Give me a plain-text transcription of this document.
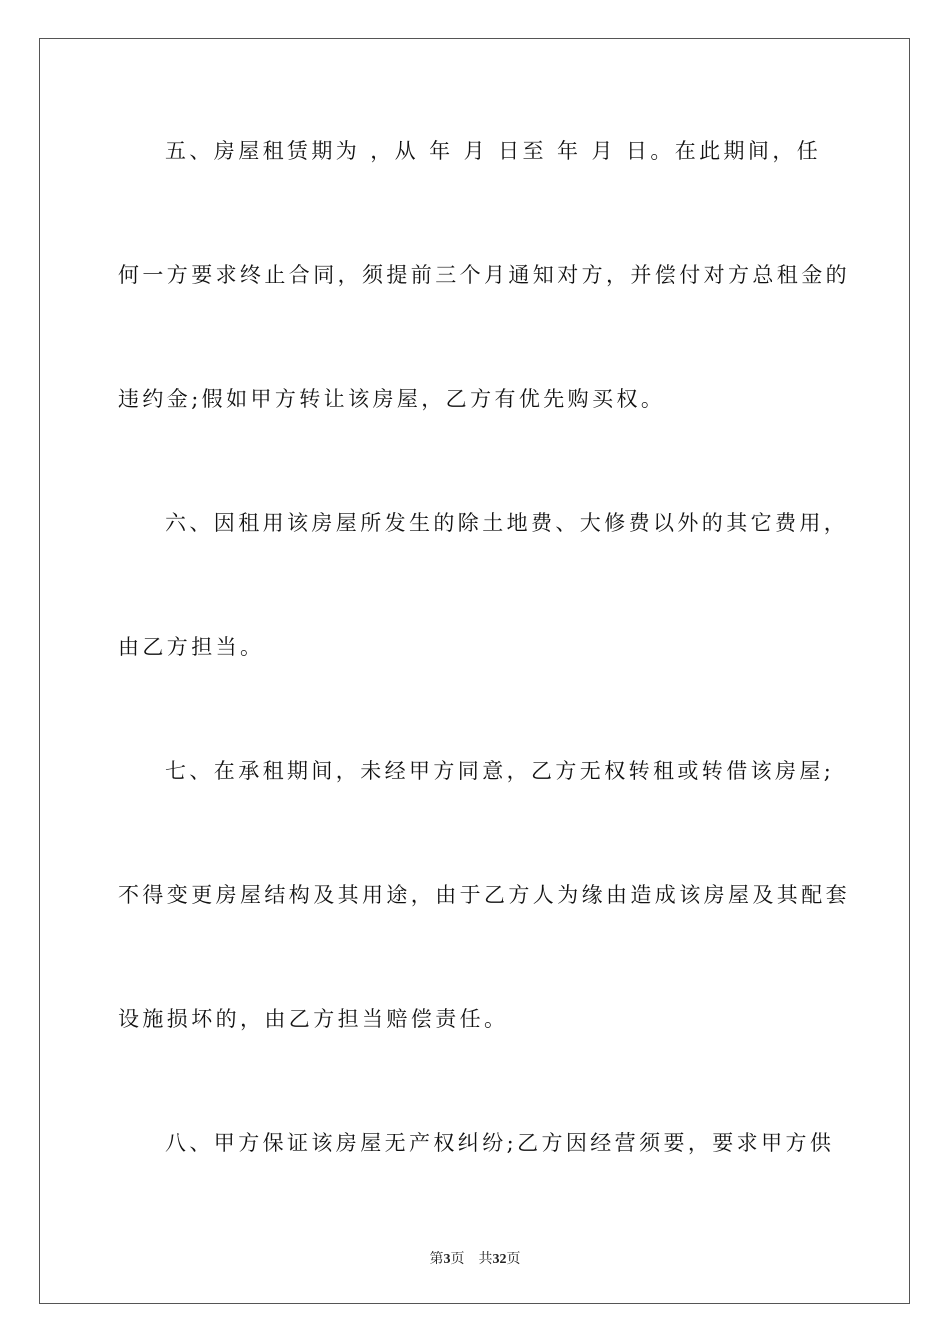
五、房屋租赁期为 ，从 年 月 日至 年 月 日。在此期间，任
何一方要求终止合同，须提前三个月通知对方，并偿付对方总租金的
违约金;假如甲方转让该房屋，乙方有优先购买权。
六、因租用该房屋所发生的除土地费、大修费以外的其它费用，
由乙方担当。
七、在承租期间，未经甲方同意，乙方无权转租或转借该房屋;
不得变更房屋结构及其用途，由于乙方人为缘由造成该房屋及其配套
设施损坏的，由乙方担当赔偿责任。
八、甲方保证该房屋无产权纠纷;乙方因经营须要，要求甲方供
第3页 共32页
